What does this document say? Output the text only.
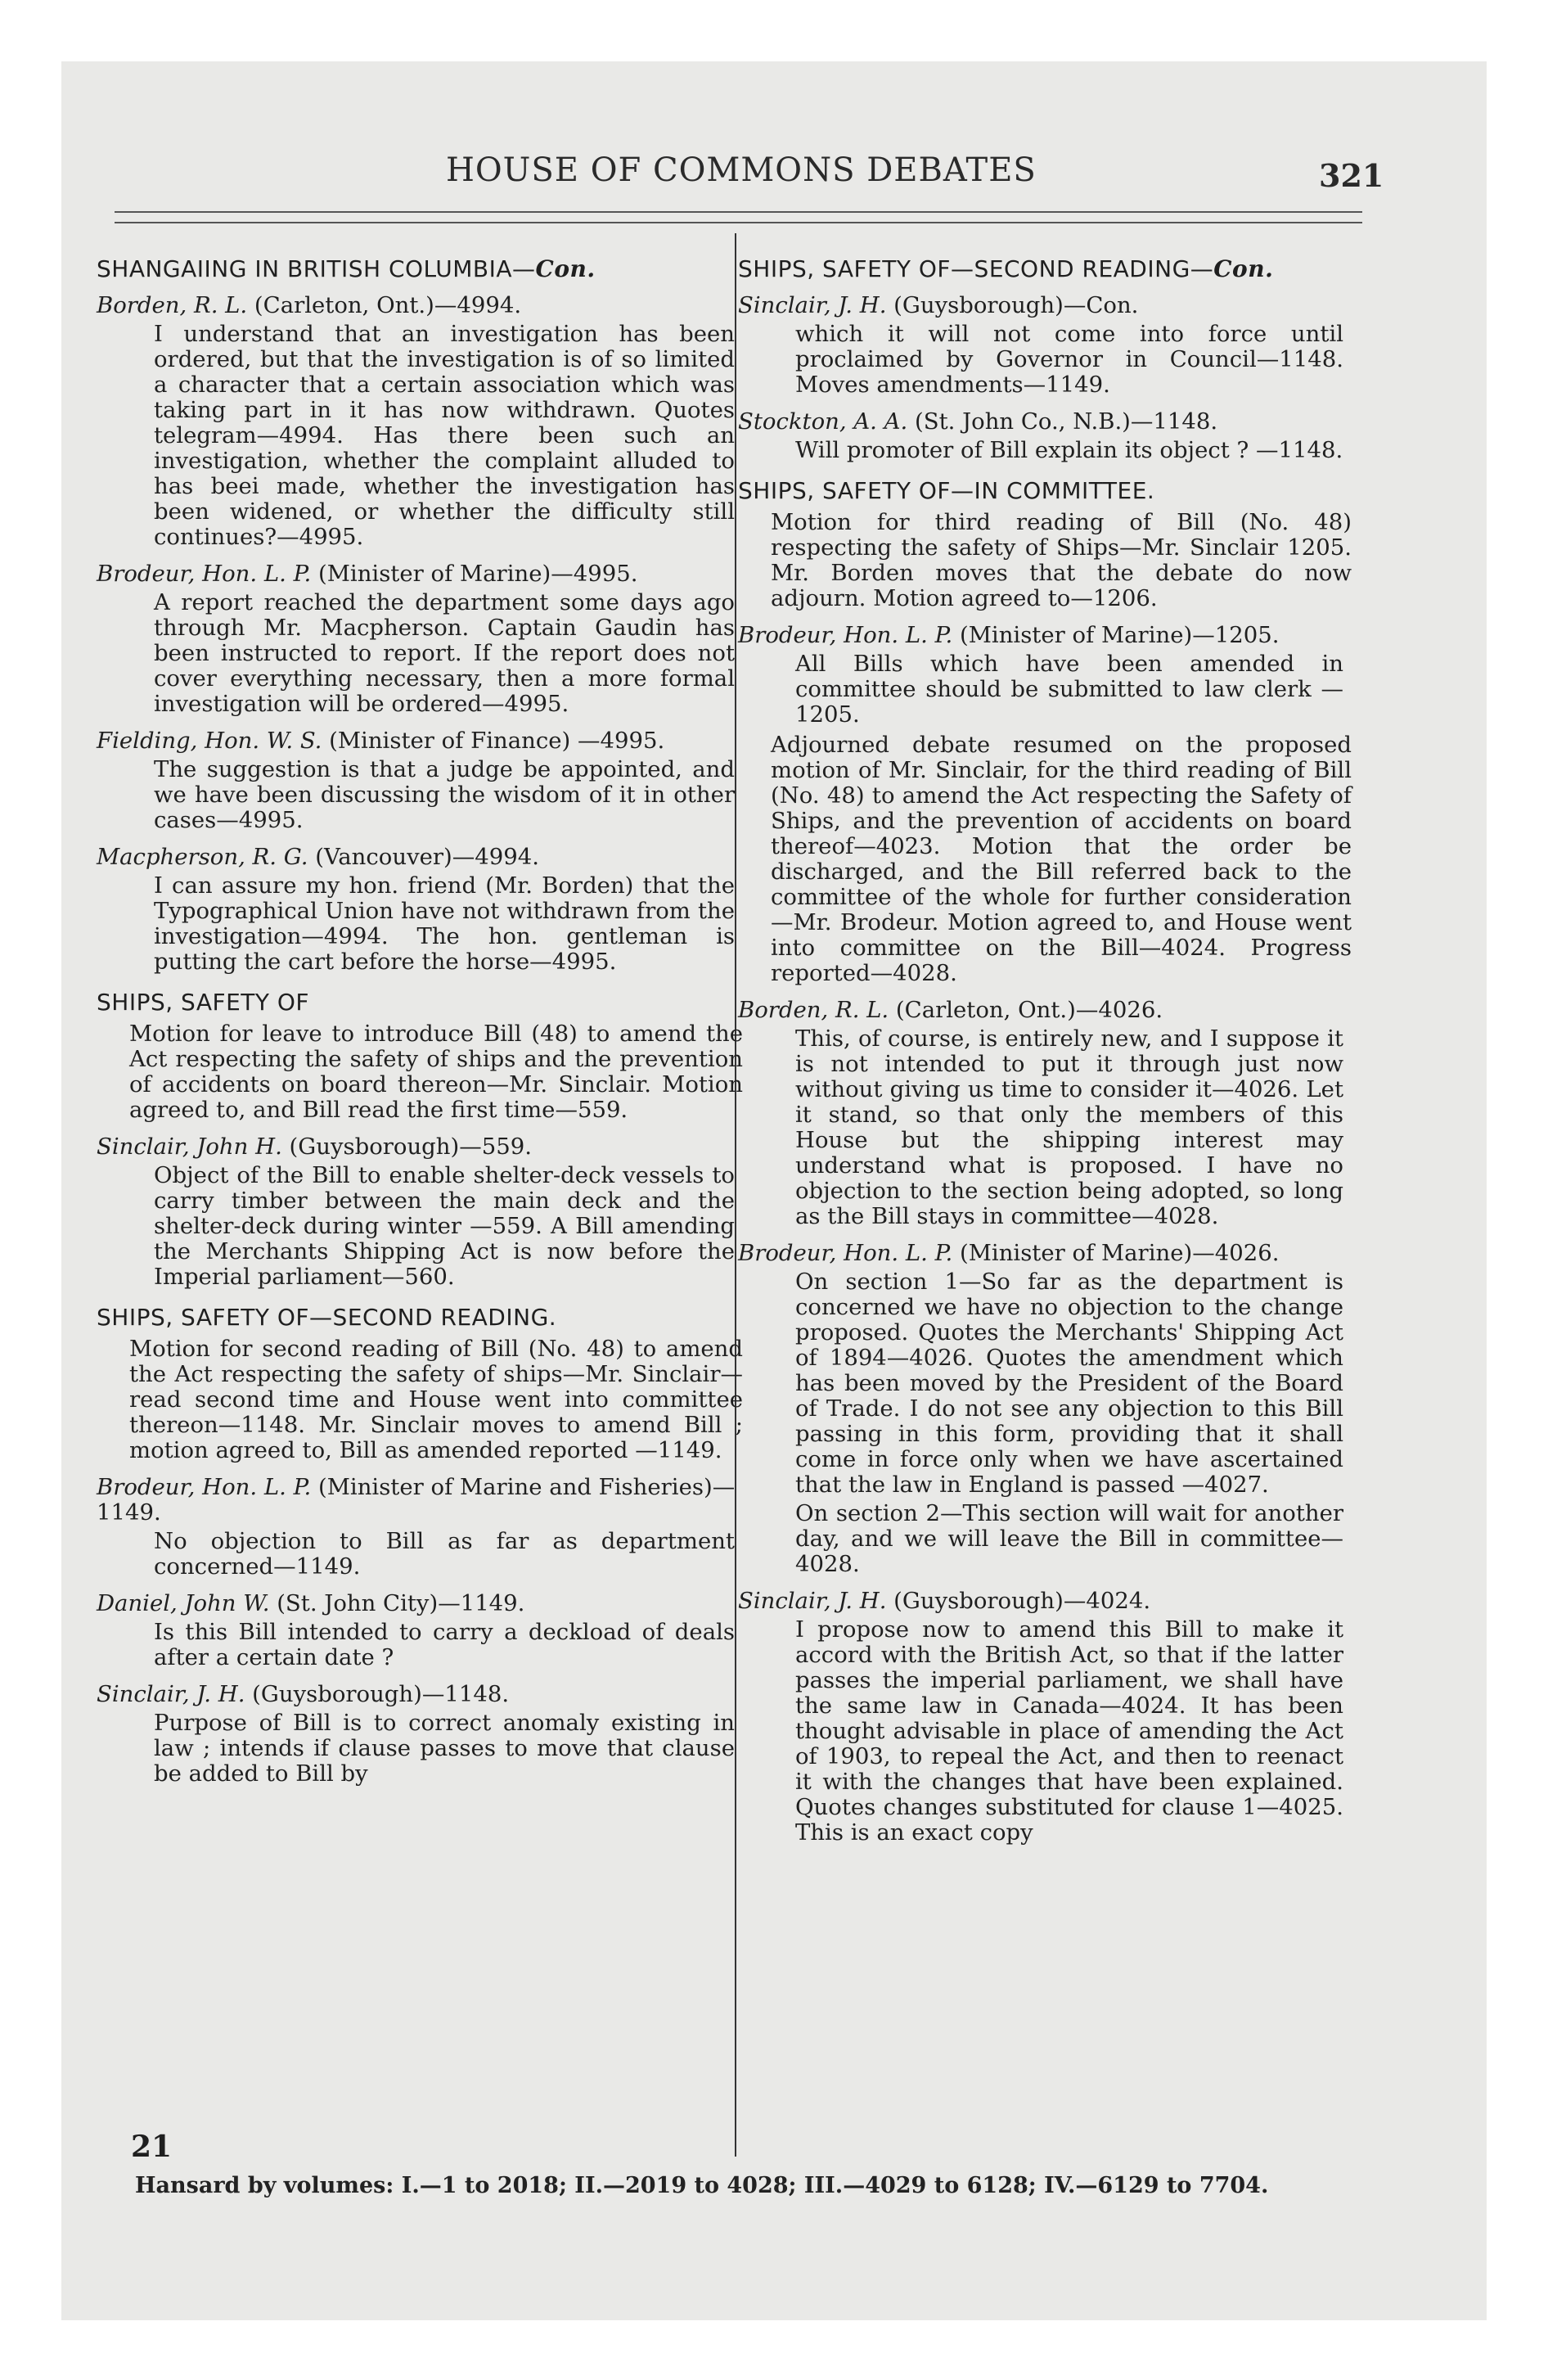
HOUSE OF COMMONS DEBATES	321
SHANGAIING IN BRITISH COLUMBIA—Con.
Borden, R. L. (Carleton, Ont.)—4994.
I understand that an investigation has been ordered, but that the investigation is of so limited a character that a certain association which was taking part in it has now withdrawn. Quotes telegram—4994. Has there been such an investigation, whether the complaint alluded to has beei made, whether the investigation has been widened, or whether the difficulty still continues?—4995.
Brodeur, Hon. L. P. (Minister of Marine)—4995.
A report reached the department some days ago through Mr. Macpherson. Captain Gaudin has been instructed to report. If the report does not cover everything necessary, then a more formal investigation will be ordered—4995.
Fielding, Hon. W. S. (Minister of Finance) —4995.
The suggestion is that a judge be appointed, and we have been discussing the wisdom of it in other cases—4995.
Macpherson, R. G. (Vancouver)—4994.
I can assure my hon. friend (Mr. Borden) that the Typographical Union have not withdrawn from the investigation—4994. The hon. gentleman is putting the cart before the horse—4995.
SHIPS, SAFETY OF
Motion for leave to introduce Bill (48) to amend the Act respecting the safety of ships and the prevention of accidents on board thereon—Mr. Sinclair. Motion agreed to, and Bill read the first time—559.
Sinclair, John H. (Guysborough)—559.
Object of the Bill to enable shelter-deck vessels to carry timber between the main deck and the shelter-deck during winter —559. A Bill amending the Merchants Shipping Act is now before the Imperial parliament—560.
SHIPS, SAFETY OF—SECOND READING.
Motion for second reading of Bill (No. 48) to amend the Act respecting the safety of ships—Mr. Sinclair—read second time and House went into committee thereon—1148. Mr. Sinclair moves to amend Bill ; motion agreed to, Bill as amended reported —1149.
Brodeur, Hon. L. P. (Minister of Marine and Fisheries)—1149.
No objection to Bill as far as department concerned—1149.
Daniel, John W. (St. John City)—1149.
Is this Bill intended to carry a deckload of deals after a certain date ?
Sinclair, J. H. (Guysborough)—1148.
Purpose of Bill is to correct anomaly existing in law ; intends if clause passes to move that clause be added to Bill by
SHIPS, SAFETY OF—SECOND READING—Con.
Sinclair, J. H. (Guysborough)—Con.
which it will not come into force until proclaimed by Governor in Council—1148. Moves amendments—1149.
Stockton, A. A. (St. John Co., N.B.)—1148.
Will promoter of Bill explain its object ? —1148.
SHIPS, SAFETY OF—IN COMMITTEE.
Motion for third reading of Bill (No. 48) respecting the safety of Ships—Mr. Sinclair 1205. Mr. Borden moves that the debate do now adjourn. Motion agreed to—1206.
Brodeur, Hon. L. P. (Minister of Marine)—1205.
All Bills which have been amended in committee should be submitted to law clerk —1205.
Adjourned debate resumed on the proposed motion of Mr. Sinclair, for the third reading of Bill (No. 48) to amend the Act respecting the Safety of Ships, and the prevention of accidents on board thereof—4023. Motion that the order be discharged, and the Bill referred back to the committee of the whole for further consideration—Mr. Brodeur. Motion agreed to, and House went into committee on the Bill—4024. Progress reported—4028.
Borden, R. L. (Carleton, Ont.)—4026.
This, of course, is entirely new, and I suppose it is not intended to put it through just now without giving us time to consider it—4026. Let it stand, so that only the members of this House but the shipping interest may understand what is proposed. I have no objection to the section being adopted, so long as the Bill stays in committee—4028.
Brodeur, Hon. L. P. (Minister of Marine)—4026.
On section 1—So far as the department is concerned we have no objection to the change proposed. Quotes the Merchants' Shipping Act of 1894—4026. Quotes the amendment which has been moved by the President of the Board of Trade. I do not see any objection to this Bill passing in this form, providing that it shall come in force only when we have ascertained that the law in England is passed —4027.
On section 2—This section will wait for another day, and we will leave the Bill in committee—4028.
Sinclair, J. H. (Guysborough)—4024.
I propose now to amend this Bill to make it accord with the British Act, so that if the latter passes the imperial parliament, we shall have the same law in Canada—4024. It has been thought advisable in place of amending the Act of 1903, to repeal the Act, and then to reenact it with the changes that have been explained. Quotes changes substituted for clause 1—4025. This is an exact copy
21
Hansard by volumes: I.—1 to 2018; II.—2019 to 4028; III.—4029 to 6128; IV.—6129 to 7704.
